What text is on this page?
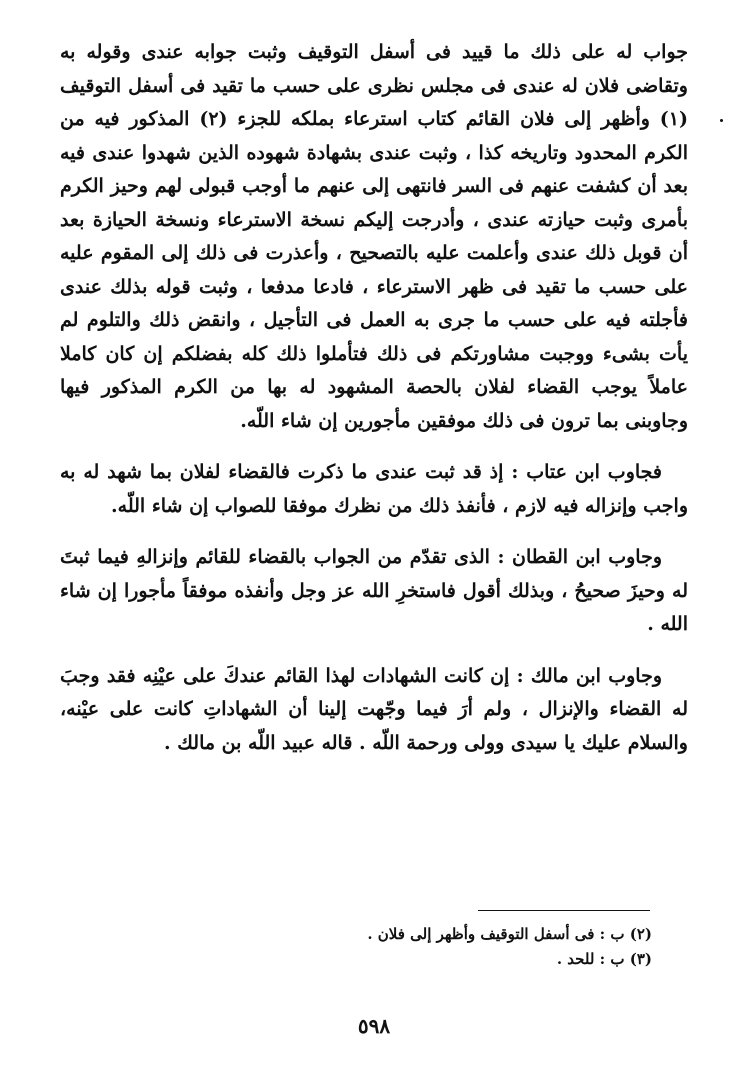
جواب له على ذلك ما قييد فى أسفل التوقيف وثبت جوابه عندى وقوله به وتقاضى فلان له عندى فى مجلس نظرى على حسب ما تقيد فى أسفل التوقيف (١) وأظهر إلى فلان القائم كتاب استرعاء بملكه للجزء (٢) المذكور فيه من الكرم المحدود وتاريخه كذا ، وثبت عندى بشهادة شهوده الذين شهدوا عندى فيه بعد أن كشفت عنهم فى السر فانتهى إلى عنهم ما أوجب قبولى لهم وحيز الكرم بأمرى وثبت حيازته عندى ، وأدرجت إليكم نسخة الاسترعاء ونسخة الحيازة بعد أن قوبل ذلك عندى وأعلمت عليه بالتصحيح ، وأعذرت فى ذلك إلى المقوم عليه على حسب ما تقيد فى ظهر الاسترعاء ، فادعا مدفعا ، وثبت قوله بذلك عندى فأجلته فيه على حسب ما جرى به العمل فى التأجيل ، وانقض ذلك والتلوم لم يأت بشىء ووجبت مشاورتكم فى ذلك فتأملوا ذلك كله بفضلكم إن كان كاملا عاملاً يوجب القضاء لفلان بالحصة المشهود له بها من الكرم المذكور فيها وجاوبنى بما ترون فى ذلك موفقين مأجورين إن شاء اللّه.

فجاوب ابن عتاب : إذ قد ثبت عندى ما ذكرت فالقضاء لفلان بما شهد له به واجب وإنزاله فيه لازم ، فأنفذ ذلك من نظرك موفقا للصواب إن شاء اللّه.

وجاوب ابن القطان : الذى تقدّم من الجواب بالقضاء للقائم وإنزالهِ فيما ثبتَ له وحيزَ صحيحُ ، وبذلك أقول فاستخرِ الله عز وجل وأنفذه موفقاً مأجورا إن شاء الله .

وجاوب ابن مالك : إن كانت الشهادات لهذا القائم عندكَ على عيْنِه فقد وجبَ له القضاء والإنزال ، ولم أرَ فيما وجّهت إلينا أن الشهاداتِ كانت على عيْنه، والسلام عليك يا سيدى وولى ورحمة اللّه . قاله عبيد اللّه بن مالك .

(٢) ب : فى أسفل التوقيف وأظهر إلى فلان .

(٣) ب : للحد .

٥٩٨
